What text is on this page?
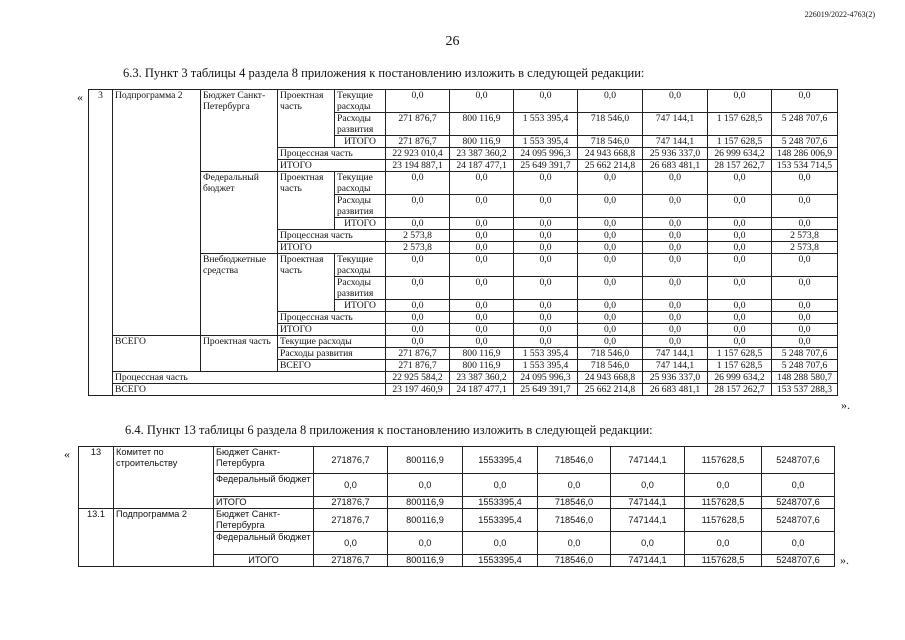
226019/2022-4763(2)
26
6.3. Пункт 3 таблицы 4 раздела 8 приложения к постановлению изложить в следующей редакции:
« 3	Подпрограмма 2	Бюджет Санкт-Петербурга	Проектная часть	Текущие расходы	0,0	0,0	0,0	0,0	0,0	0,0	0,0
				Расходы развития	271 876,7	800 116,9	1 553 395,4	718 546,0	747 144,1	1 157 628,5	5 248 707,6
				ИТОГО	271 876,7	800 116,9	1 553 395,4	718 546,0	747 144,1	1 157 628,5	5 248 707,6
			Процессная часть		22 923 010,4	23 387 360,2	24 095 996,3	24 943 668,8	25 936 337,0	26 999 634,2	148 286 006,9
			ИТОГО		23 194 887,1	24 187 477,1	25 649 391,7	25 662 214,8	26 683 481,1	28 157 262,7	153 534 714,5
		Федеральный бюджет	Проектная часть	Текущие расходы	0,0	0,0	0,0	0,0	0,0	0,0	0,0
				Расходы развития	0,0	0,0	0,0	0,0	0,0	0,0	0,0
				ИТОГО	0,0	0,0	0,0	0,0	0,0	0,0	0,0
			Процессная часть		2 573,8	0,0	0,0	0,0	0,0	0,0	2 573,8
			ИТОГО		2 573,8	0,0	0,0	0,0	0,0	0,0	2 573,8
		Внебюджетные средства	Проектная часть	Текущие расходы	0,0	0,0	0,0	0,0	0,0	0,0	0,0
				Расходы развития	0,0	0,0	0,0	0,0	0,0	0,0	0,0
				ИТОГО	0,0	0,0	0,0	0,0	0,0	0,0	0,0
			Процессная часть		0,0	0,0	0,0	0,0	0,0	0,0	0,0
			ИТОГО		0,0	0,0	0,0	0,0	0,0	0,0	0,0
	ВСЕГО	Проектная часть	Текущие расходы		0,0	0,0	0,0	0,0	0,0	0,0	0,0
			Расходы развития		271 876,7	800 116,9	1 553 395,4	718 546,0	747 144,1	1 157 628,5	5 248 707,6
			ВСЕГО		271 876,7	800 116,9	1 553 395,4	718 546,0	747 144,1	1 157 628,5	5 248 707,6
	Процессная часть				22 925 584,2	23 387 360,2	24 095 996,3	24 943 668,8	25 936 337,0	26 999 634,2	148 288 580,7
	ВСЕГО				23 197 460,9	24 187 477,1	25 649 391,7	25 662 214,8	26 683 481,1	28 157 262,7	153 537 288,3
».
6.4. Пункт 13 таблицы 6 раздела 8 приложения к постановлению изложить в следующей редакции:
« 13	Комитет по строительству	Бюджет Санкт-Петербурга	271876,7	800116,9	1553395,4	718546,0	747144,1	1157628,5	5248707,6
		Федеральный бюджет	0,0	0,0	0,0	0,0	0,0	0,0	0,0
		ИТОГО	271876,7	800116,9	1553395,4	718546,0	747144,1	1157628,5	5248707,6
13.1	Подпрограмма 2	Бюджет Санкт-Петербурга	271876,7	800116,9	1553395,4	718546,0	747144,1	1157628,5	5248707,6
		Федеральный бюджет	0,0	0,0	0,0	0,0	0,0	0,0	0,0
		ИТОГО	271876,7	800116,9	1553395,4	718546,0	747144,1	1157628,5	5248707,6 ».
